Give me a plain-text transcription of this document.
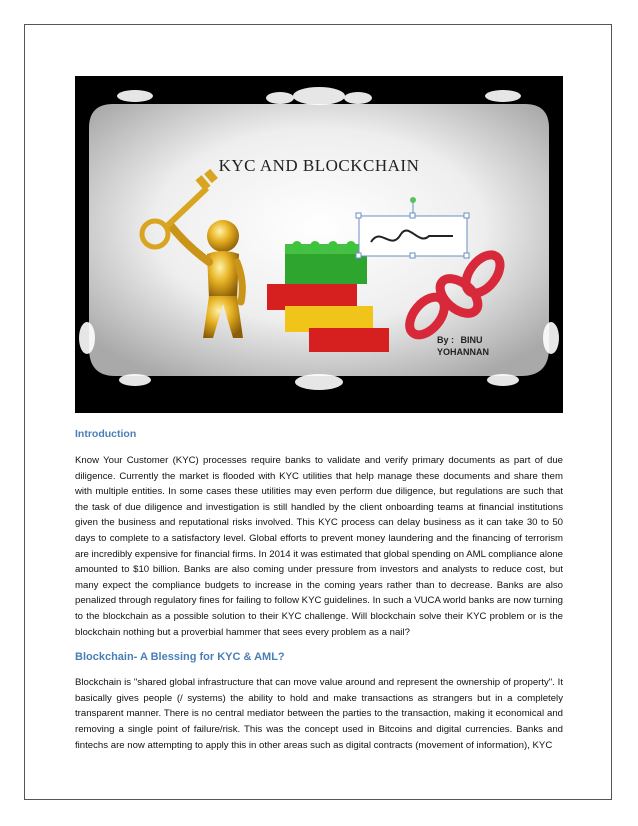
KYC AND BLOCKCHAIN
By : BINU
YOHANNAN
Introduction

Know Your Customer (KYC) processes require banks to validate and verify primary documents as part of due diligence. Currently the market is flooded with KYC utilities that help manage these documents and share them with multiple entities. In some cases these utilities may even perform due diligence, but regulations are such that the task of due diligence and investigation is still handled by the client onboarding teams at financial institutions given the business and reputational risks involved. This KYC process can delay business as it can take 30 to 50 days to complete to a satisfactory level. Global efforts to prevent money laundering and the financing of terrorism are incredibly expensive for financial firms. In 2014 it was estimated that global spending on AML compliance alone amounted to $10 billion. Banks are also coming under pressure from investors and analysts to reduce cost, but many expect the compliance budgets to increase in the coming years rather than to decrease. Banks are also penalized through regulatory fines for failing to follow KYC guidelines. In such a VUCA world banks are now turning to the blockchain as a possible solution to their KYC challenge. Will blockchain solve their KYC problem or is the blockchain nothing but a proverbial hammer that sees every problem as a nail?

Blockchain- A Blessing for KYC & AML?

Blockchain is "shared global infrastructure that can move value around and represent the ownership of property". It basically gives people (/ systems) the ability to hold and make transactions as strangers but in a completely transparent manner. There is no central mediator between the parties to the transaction, making it economical and removing a single point of failure/risk. This was the concept used in Bitcoins and digital currencies. Banks and fintechs are now attempting to apply this in other areas such as digital contracts (movement of information), KYC
